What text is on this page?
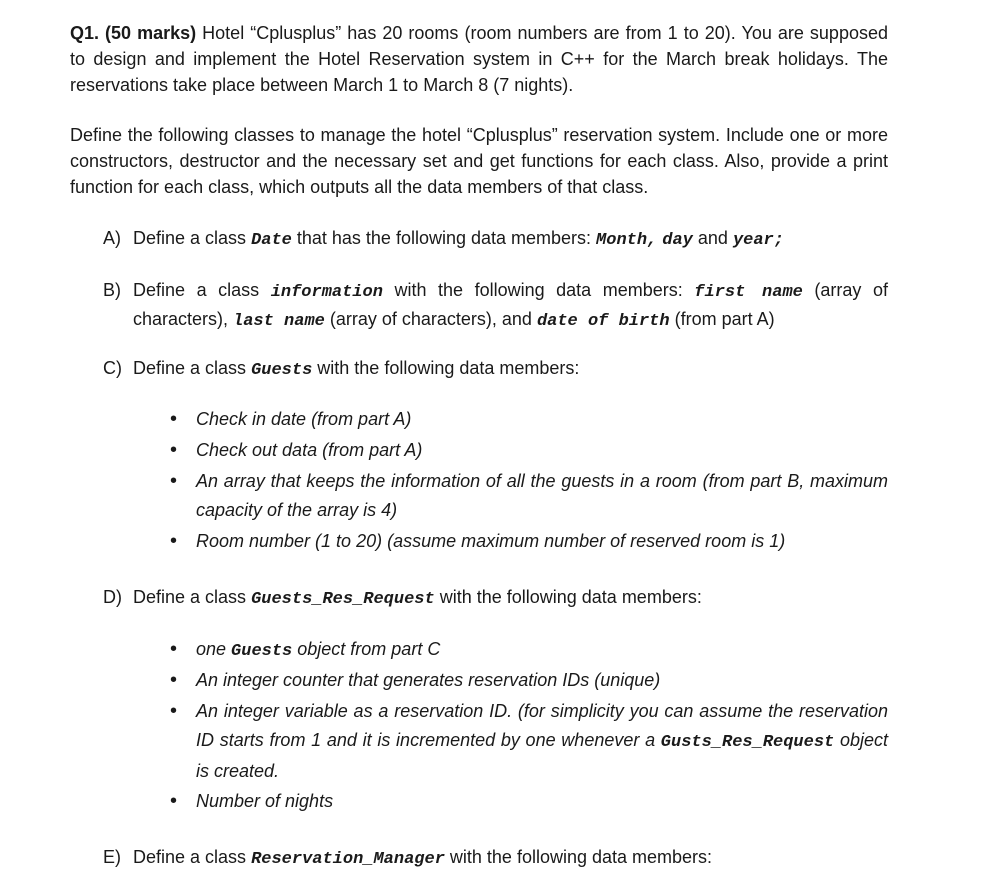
Q1. (50 marks) Hotel “Cplusplus” has 20 rooms (room numbers are from 1 to 20). You are supposed to design and implement the Hotel Reservation system in C++ for the March break holidays. The reservations take place between March 1 to March 8 (7 nights).
Define the following classes to manage the hotel “Cplusplus” reservation system. Include one or more constructors, destructor and the necessary set and get functions for each class. Also, provide a print function for each class, which outputs all the data members of that class.
A) Define a class Date that has the following data members: Month, day and year;
B) Define a class information with the following data members: first name (array of characters), last name (array of characters), and date of birth (from part A)
C) Define a class Guests with the following data members:
• Check in date (from part A)
• Check out data (from part A)
• An array that keeps the information of all the guests in a room (from part B, maximum capacity of the array is 4)
• Room number (1 to 20) (assume maximum number of reserved room is 1)
D) Define a class Guests_Res_Request with the following data members:
• one Guests object from part C
• An integer counter that generates reservation IDs (unique)
• An integer variable as a reservation ID. (for simplicity you can assume the reservation ID starts from 1 and it is incremented by one whenever a Gusts_Res_Request object is created.
• Number of nights
E) Define a class Reservation_Manager with the following data members:
